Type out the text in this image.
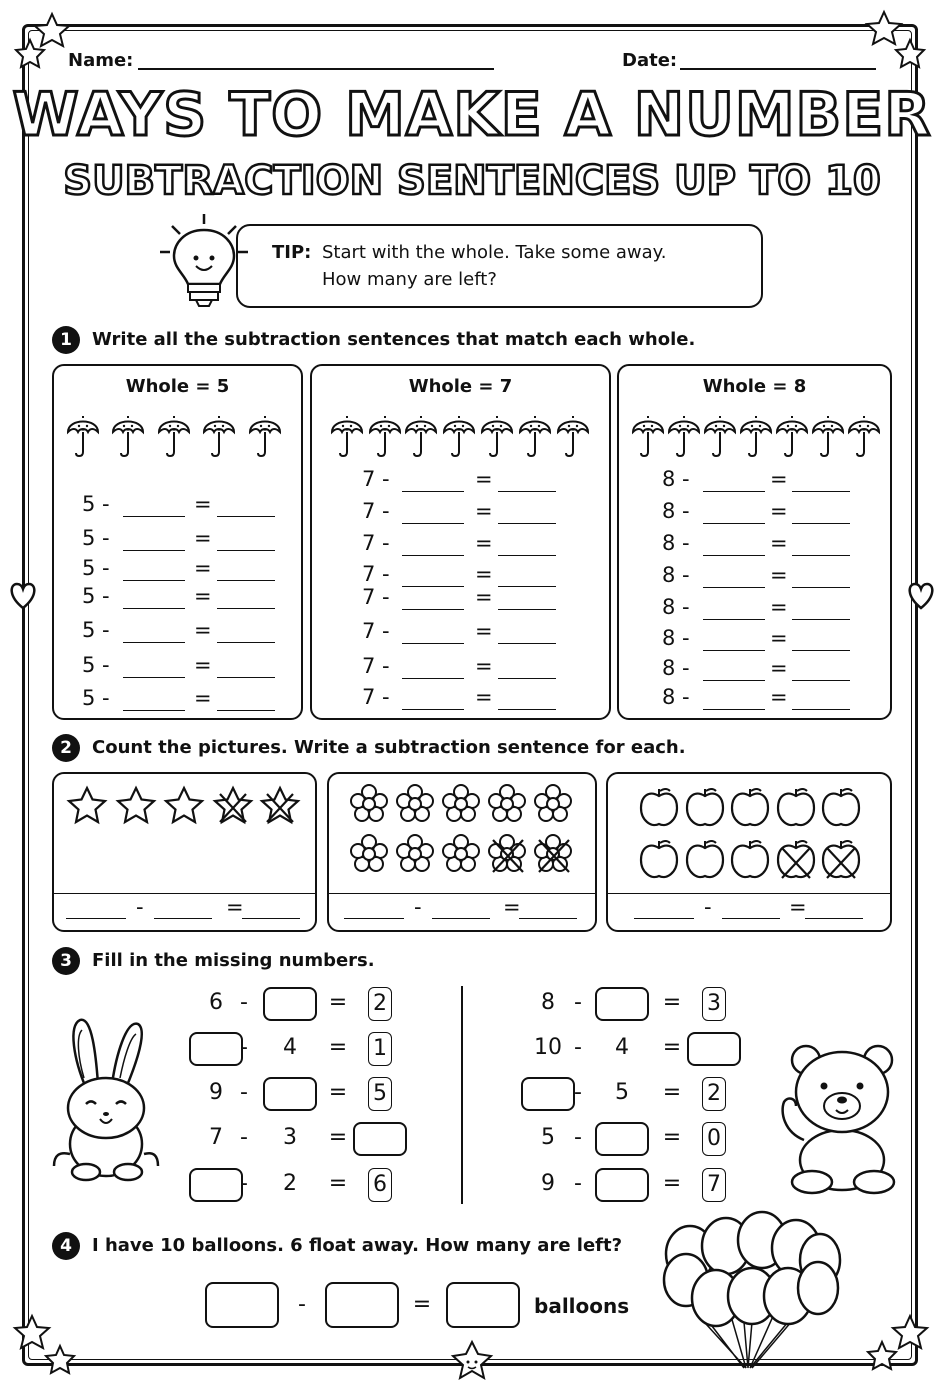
Name:	Date:
WAYS TO MAKE A NUMBER
SUBTRACTION SENTENCES UP TO 10
TIP: Start with the whole. Take some away.
How many are left?
1	Write all the subtraction sentences that match each whole.
Whole = 5	Whole = 7	Whole = 8
2	Count the pictures. Write a subtraction sentence for each.
3	Fill in the missing numbers.
4	I have 10 balloons. 6 float away. How many are left?
-	=	balloons
5 -	=
5 -	=
5 -	=
5 -	=
5 -	=
5 -	=
5 -	=
7 -	=
7 -	=
7 -	=
7 -	=
7 -	=
7 -	=
7 -	=
7 -	=
8 -	=
8 -	=
8 -	=
8 -	=
8 -	=
8 -	=
8 -	=
8 -	=
-	=	-	=	-	=
6 -	=	2
-	4	=	1
9 -	=	5
7 -	3	=
-	2	=	6
8 -	=	3
10 -	4	=
-	5	=	2
5 -	=	0
9 -	=	7
